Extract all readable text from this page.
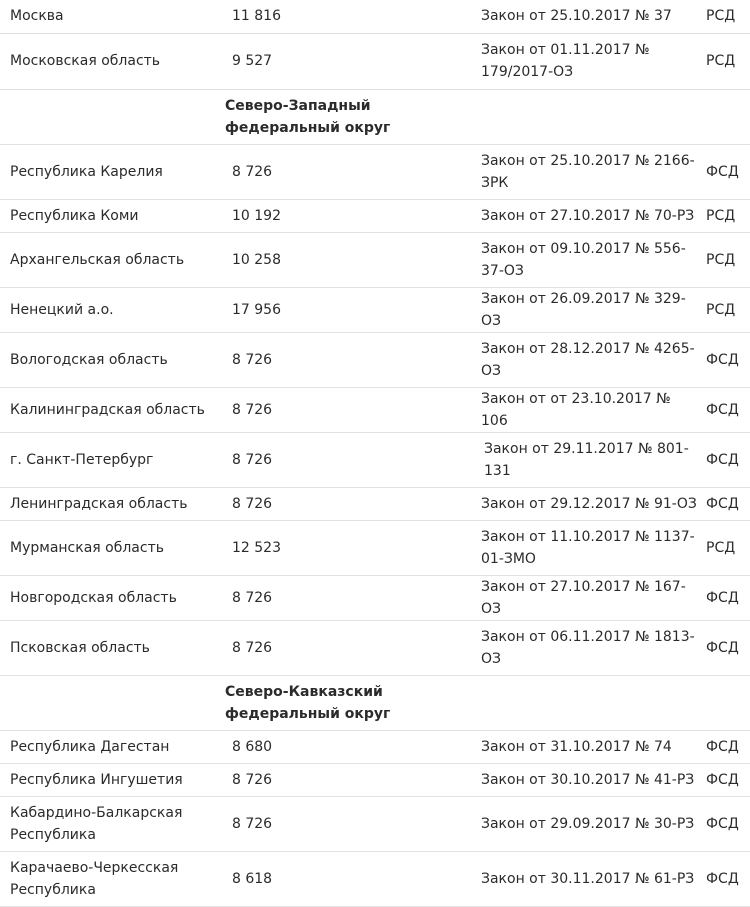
Москва	11 816	Закон от 25.10.2017 № 37	РСД
Московская область	9 527	Закон от 01.11.2017 № 179/2017-ОЗ	РСД
	Северо-Западный федеральный округ		
Республика Карелия	8 726	Закон от 25.10.2017 № 2166-ЗРК	ФСД
Республика Коми	10 192	Закон от 27.10.2017 № 70-РЗ	РСД
Архангельская область	10 258	Закон от 09.10.2017 № 556-37-ОЗ	РСД
Ненецкий а.о.	17 956	Закон от 26.09.2017 № 329-ОЗ	РСД
Вологодская область	8 726	Закон от 28.12.2017 № 4265-ОЗ	ФСД
Калининградская область	8 726	Закон от от 23.10.2017 № 106	ФСД
г. Санкт-Петербург	8 726	Закон от 29.11.2017 № 801-131	ФСД
Ленинградская область	8 726	Закон от 29.12.2017 № 91-ОЗ	ФСД
Мурманская область	12 523	Закон от 11.10.2017 № 1137-01-ЗМО	РСД
Новгородская область	8 726	Закон от 27.10.2017 № 167-ОЗ	ФСД
Псковская область	8 726	Закон от 06.11.2017 № 1813-ОЗ	ФСД
	Северо-Кавказский федеральный округ		
Республика Дагестан	8 680	Закон от 31.10.2017 № 74	ФСД
Республика Ингушетия	8 726	Закон от 30.10.2017 № 41-РЗ	ФСД
Кабардино-Балкарская Республика	8 726	Закон от 29.09.2017 № 30-РЗ	ФСД
Карачаево-Черкесская Республика	8 618	Закон от 30.11.2017 № 61-РЗ	ФСД
